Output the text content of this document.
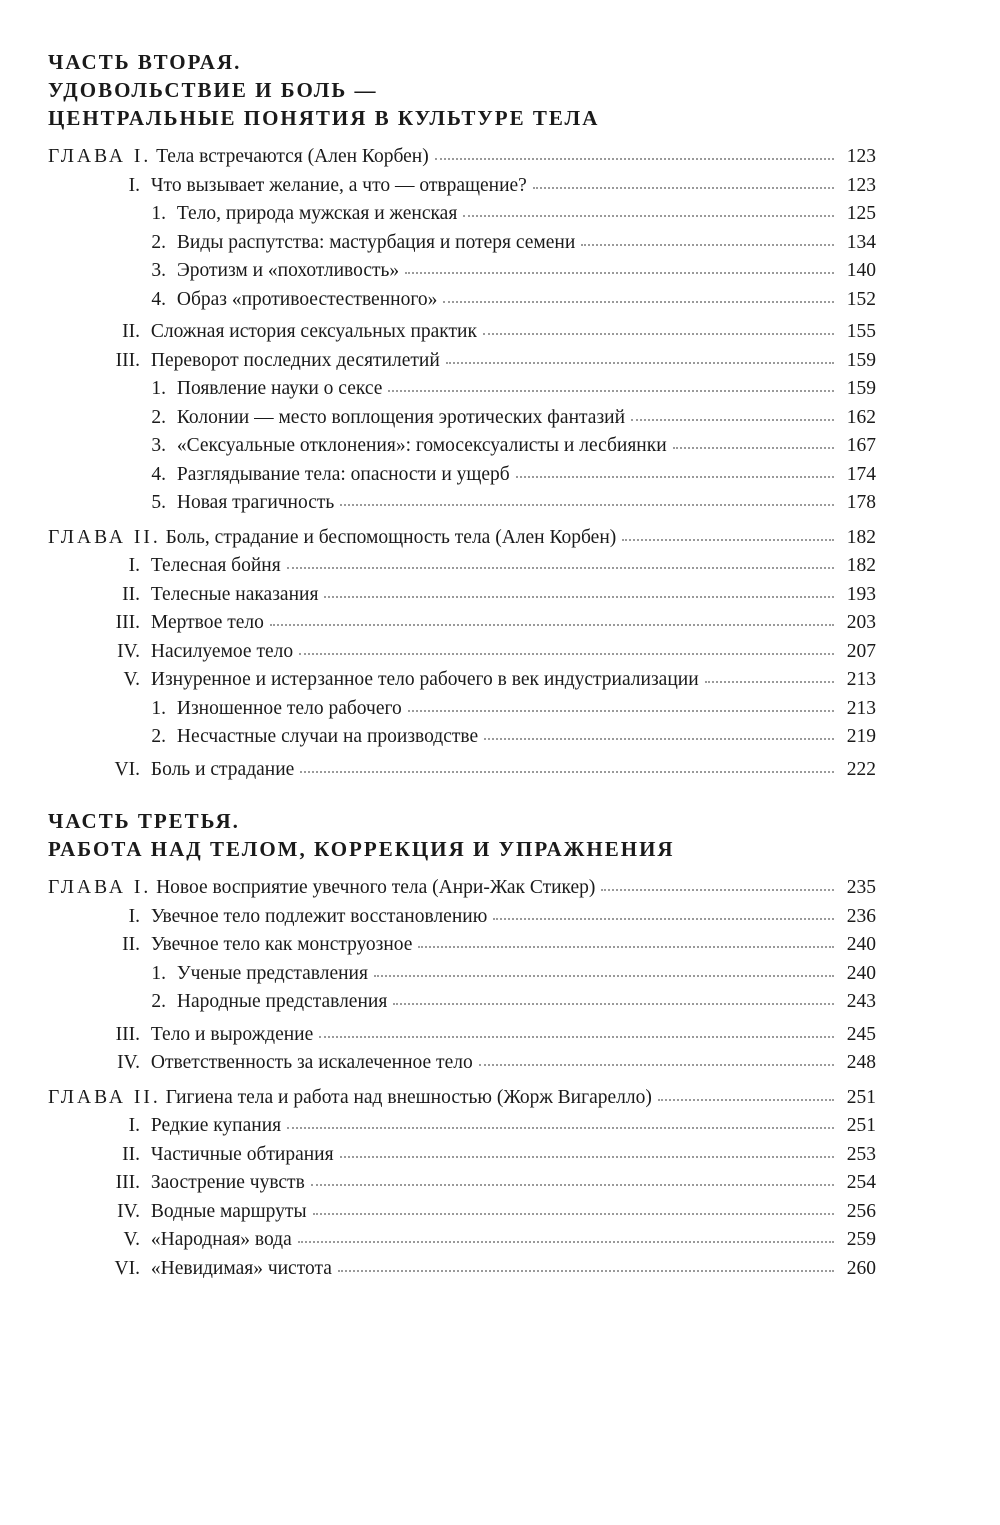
ЧАСТЬ ВТОРАЯ.
УДОВОЛЬСТВИЕ И БОЛЬ —
ЦЕНТРАЛЬНЫЕ ПОНЯТИЯ В КУЛЬТУРЕ ТЕЛА
ГЛАВА I. Тела встречаются (Ален Корбен)	123
I. Что вызывает желание, а что — отвращение?	123
1. Тело, природа мужская и женская	125
2. Виды распутства: мастурбация и потеря семени	134
3. Эротизм и «похотливость»	140
4. Образ «противоестественного»	152
II. Сложная история сексуальных практик	155
III. Переворот последних десятилетий	159
1. Появление науки о сексе	159
2. Колонии — место воплощения эротических фантазий	162
3. «Сексуальные отклонения»: гомосексуалисты и лесбиянки	167
4. Разглядывание тела: опасности и ущерб	174
5. Новая трагичность	178
ГЛАВА II. Боль, страдание и беспомощность тела (Ален Корбен)	182
I. Телесная бойня	182
II. Телесные наказания	193
III. Мертвое тело	203
IV. Насилуемое тело	207
V. Изнуренное и истерзанное тело рабочего в век индустриализации	213
1. Изношенное тело рабочего	213
2. Несчастные случаи на производстве	219
VI. Боль и страдание	222
ЧАСТЬ ТРЕТЬЯ.
РАБОТА НАД ТЕЛОМ, КОРРЕКЦИЯ И УПРАЖНЕНИЯ
ГЛАВА I. Новое восприятие увечного тела (Анри-Жак Стикер)	235
I. Увечное тело подлежит восстановлению	236
II. Увечное тело как монструозное	240
1. Ученые представления	240
2. Народные представления	243
III. Тело и вырождение	245
IV. Ответственность за искалеченное тело	248
ГЛАВА II. Гигиена тела и работа над внешностью (Жорж Вигарелло)	251
I. Редкие купания	251
II. Частичные обтирания	253
III. Заострение чувств	254
IV. Водные маршруты	256
V. «Народная» вода	259
VI. «Невидимая» чистота	260
